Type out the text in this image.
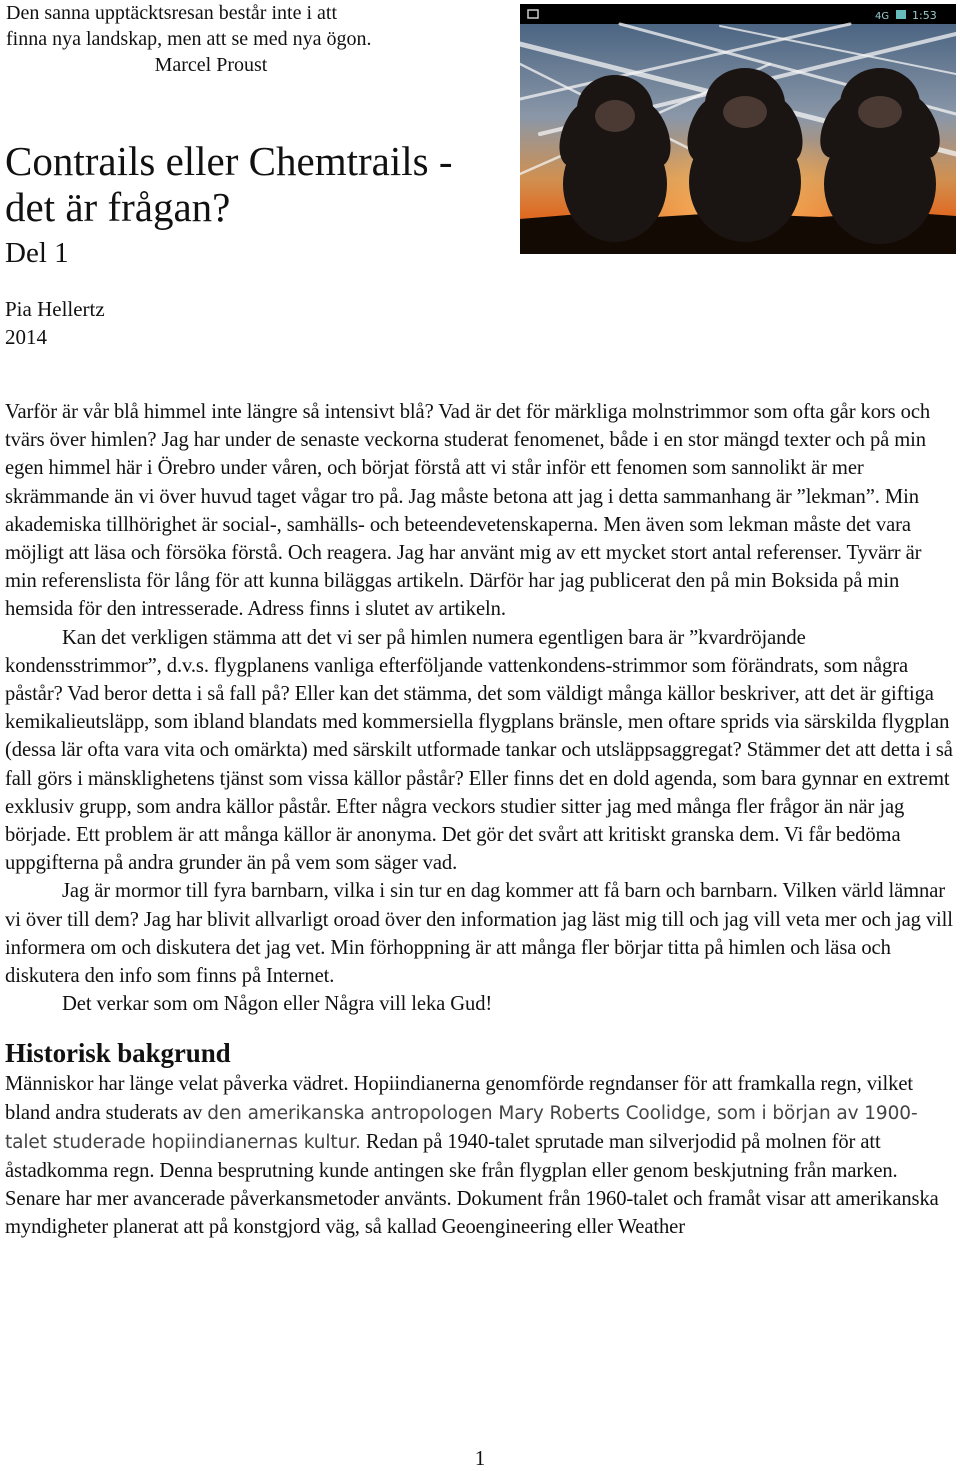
Den sanna upptäcktsresan består inte i att
finna nya landskap, men att se med nya ögon.

Marcel Proust
Contrails eller Chemtrails -
det är frågan?
Del 1
Pia Hellertz
2014
4G 1:53

Varför är vår blå himmel inte längre så intensivt blå? Vad är det för märkliga molnstrimmor som ofta går kors och tvärs över himlen? Jag har under de senaste veckorna studerat fenomenet, både i en stor mängd texter och på min egen himmel här i Örebro under våren, och börjat förstå att vi står inför ett fenomen som sannolikt är mer skrämmande än vi över huvud taget vågar tro på. Jag måste betona att jag i detta sammanhang är ”lekman”. Min akademiska tillhörighet är social-, samhälls- och beteendevetenskaperna. Men även som lekman måste det vara möjligt att läsa och försöka förstå. Och reagera. Jag har använt mig av ett mycket stort antal referenser. Tyvärr är min referenslista för lång för att kunna biläggas artikeln. Därför har jag publicerat den på min Boksida på min hemsida för den intresserade. Adress finns i slutet av artikeln.

Kan det verkligen stämma att det vi ser på himlen numera egentligen bara är ”kvardröjande kondensstrimmor”, d.v.s. flygplanens vanliga efterföljande vattenkondens-strimmor som förändrats, som några påstår? Vad beror detta i så fall på? Eller kan det stämma, det som väldigt många källor beskriver, att det är giftiga kemikalieutsläpp, som ibland blandats med kommersiella flygplans bränsle, men oftare sprids via särskilda flygplan (dessa lär ofta vara vita och omärkta) med särskilt utformade tankar och utsläppsaggregat? Stämmer det att detta i så fall görs i mänsklighetens tjänst som vissa källor påstår? Eller finns det en dold agenda, som bara gynnar en extremt exklusiv grupp, som andra källor påstår. Efter några veckors studier sitter jag med många fler frågor än när jag började. Ett problem är att många källor är anonyma. Det gör det svårt att kritiskt granska dem. Vi får bedöma uppgifterna på andra grunder än på vem som säger vad.

Jag är mormor till fyra barnbarn, vilka i sin tur en dag kommer att få barn och barnbarn. Vilken värld lämnar vi över till dem? Jag har blivit allvarligt oroad över den information jag läst mig till och jag vill veta mer och jag vill informera om och diskutera det jag vet. Min förhoppning är att många fler börjar titta på himlen och läsa och diskutera den info som finns på Internet.

Det verkar som om Någon eller Några vill leka Gud!

Historisk bakgrund

Människor har länge velat påverka vädret. Hopiindianerna genomförde regndanser för att framkalla regn, vilket bland andra studerats av den amerikanska antropologen Mary Roberts Coolidge, som i början av 1900-talet studerade hopiindianernas kultur. Redan på 1940-talet sprutade man silverjodid på molnen för att åstadkomma regn. Denna besprutning kunde antingen ske från flygplan eller genom beskjutning från marken. Senare har mer avancerade påverkansmetoder använts. Dokument från 1960-talet och framåt visar att amerikanska myndigheter planerat att på konstgjord väg, så kallad Geoengineering eller Weather

1
